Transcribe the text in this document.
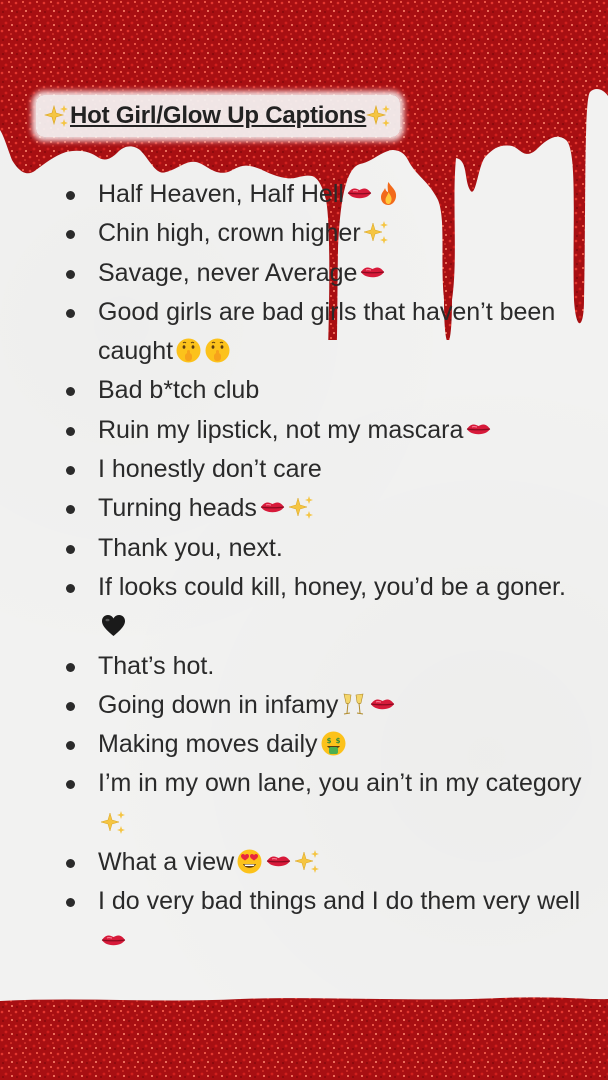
Hot Girl/Glow Up Captions
Half Heaven, Half Hell
Chin high, crown higher
Savage, never Average
Good girls are bad girls that haven’t been caught
Bad b*tch club
Ruin my lipstick, not my mascara
I honestly don’t care
Turning heads
Thank you, next.
If looks could kill, honey, you’d be a goner.
That’s hot.
Going down in infamy
Making moves daily $ $
I’m in my own lane, you ain’t in my category
What a view
I do very bad things and I do them very well
